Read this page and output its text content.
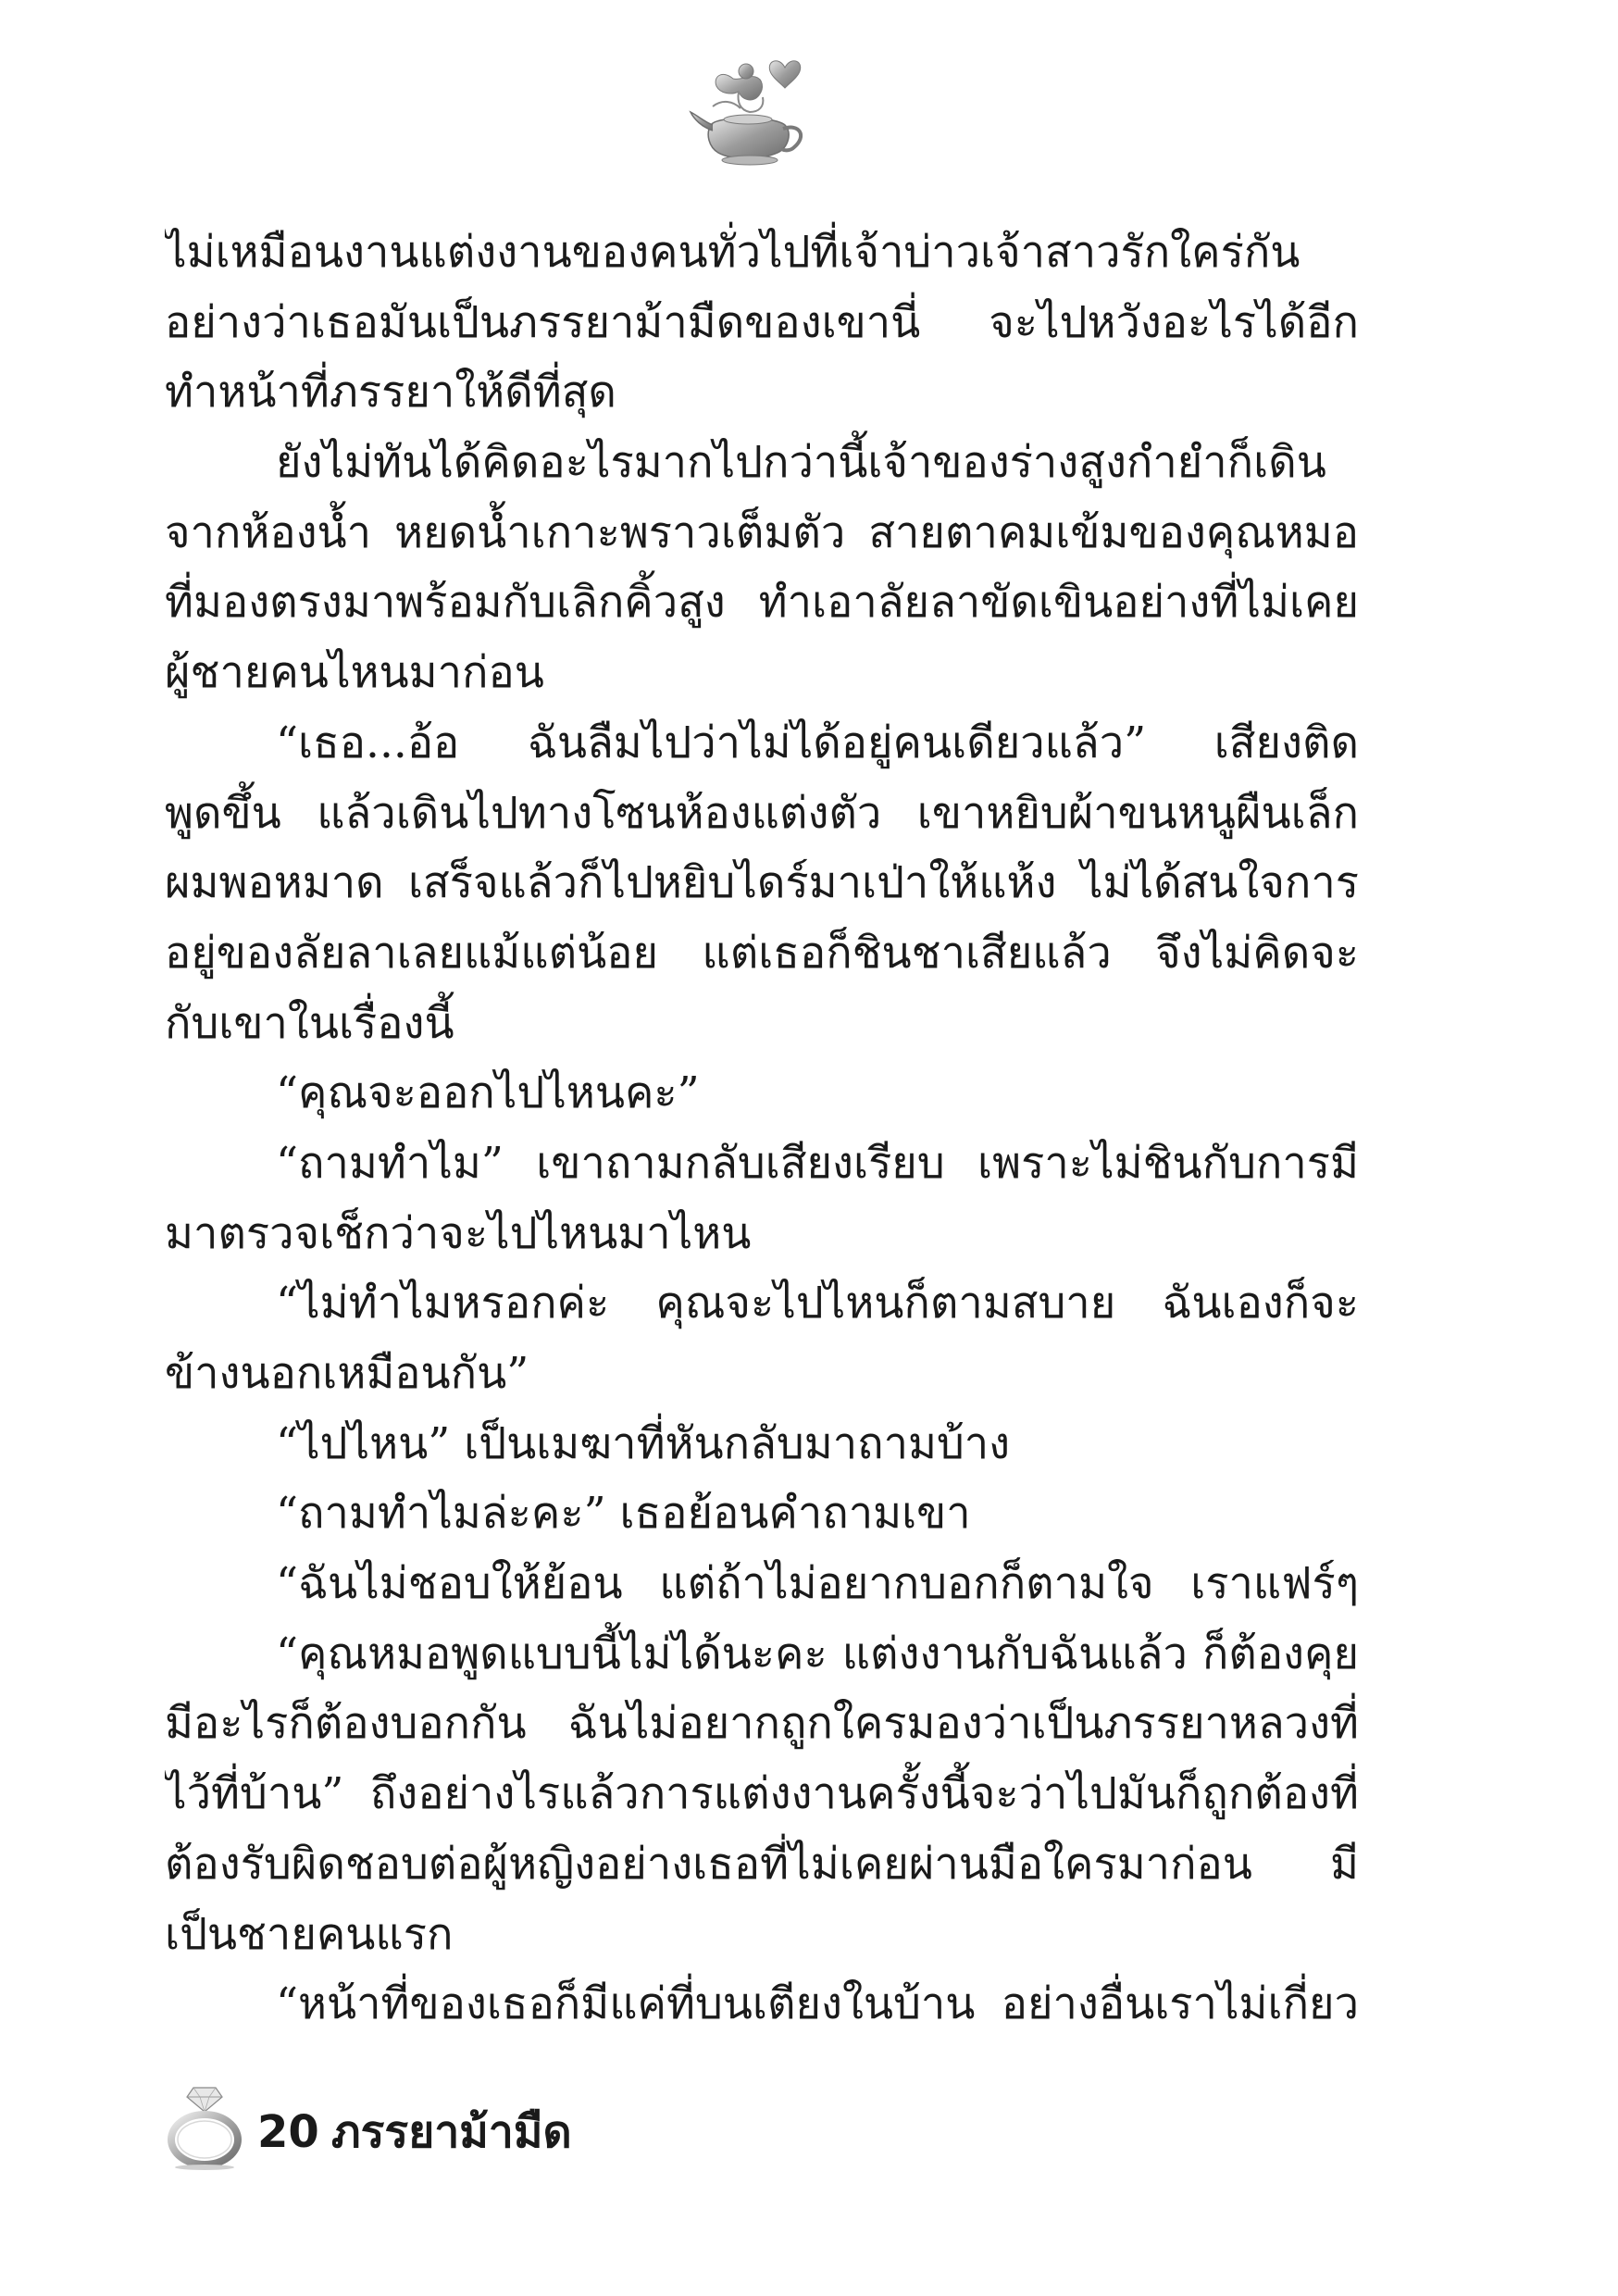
ไม่เหมือนงานแต่งงานของคนทั่วไปที่เจ้าบ่าวเจ้าสาวรักใคร่กัน
อย่างว่าเธอมันเป็นภรรยาม้ามืดของเขานี่ จะไปหวังอะไรได้อีก
ทำหน้าที่ภรรยาให้ดีที่สุด
ยังไม่ทันได้คิดอะไรมากไปกว่านี้เจ้าของร่างสูงกำยำก็เดิน
จากห้องน้ำ หยดน้ำเกาะพราวเต็มตัว สายตาคมเข้มของคุณหมอ
ที่มองตรงมาพร้อมกับเลิกคิ้วสูง ทำเอาลัยลาขัดเขินอย่างที่ไม่เคย
ผู้ชายคนไหนมาก่อน
“เธอ...อ้อ ฉันลืมไปว่าไม่ได้อยู่คนเดียวแล้ว” เสียงติด
พูดขึ้น แล้วเดินไปทางโซนห้องแต่งตัว เขาหยิบผ้าขนหนูผืนเล็ก
ผมพอหมาด เสร็จแล้วก็ไปหยิบไดร์มาเป่าให้แห้ง ไม่ได้สนใจการ
อยู่ของลัยลาเลยแม้แต่น้อย แต่เธอก็ชินชาเสียแล้ว จึงไม่คิดจะ
กับเขาในเรื่องนี้
“คุณจะออกไปไหนคะ”
“ถามทำไม” เขาถามกลับเสียงเรียบ เพราะไม่ชินกับการมี
มาตรวจเช็กว่าจะไปไหนมาไหน
“ไม่ทำไมหรอกค่ะ คุณจะไปไหนก็ตามสบาย ฉันเองก็จะ
ข้างนอกเหมือนกัน”
“ไปไหน” เป็นเมฆาที่หันกลับมาถามบ้าง
“ถามทำไมล่ะคะ” เธอย้อนคำถามเขา
“ฉันไม่ชอบให้ย้อน แต่ถ้าไม่อยากบอกก็ตามใจ เราแฟร์ๆ
“คุณหมอพูดแบบนี้ไม่ได้นะคะ แต่งงานกับฉันแล้ว ก็ต้องคุย
มีอะไรก็ต้องบอกกัน ฉันไม่อยากถูกใครมองว่าเป็นภรรยาหลวงที่
ไว้ที่บ้าน” ถึงอย่างไรแล้วการแต่งงานครั้งนี้จะว่าไปมันก็ถูกต้องที่
ต้องรับผิดชอบต่อผู้หญิงอย่างเธอที่ไม่เคยผ่านมือใครมาก่อน มี
เป็นชายคนแรก
“หน้าที่ของเธอก็มีแค่ที่บนเตียงในบ้าน อย่างอื่นเราไม่เกี่ยว
20 ภรรยาม้ามืด
